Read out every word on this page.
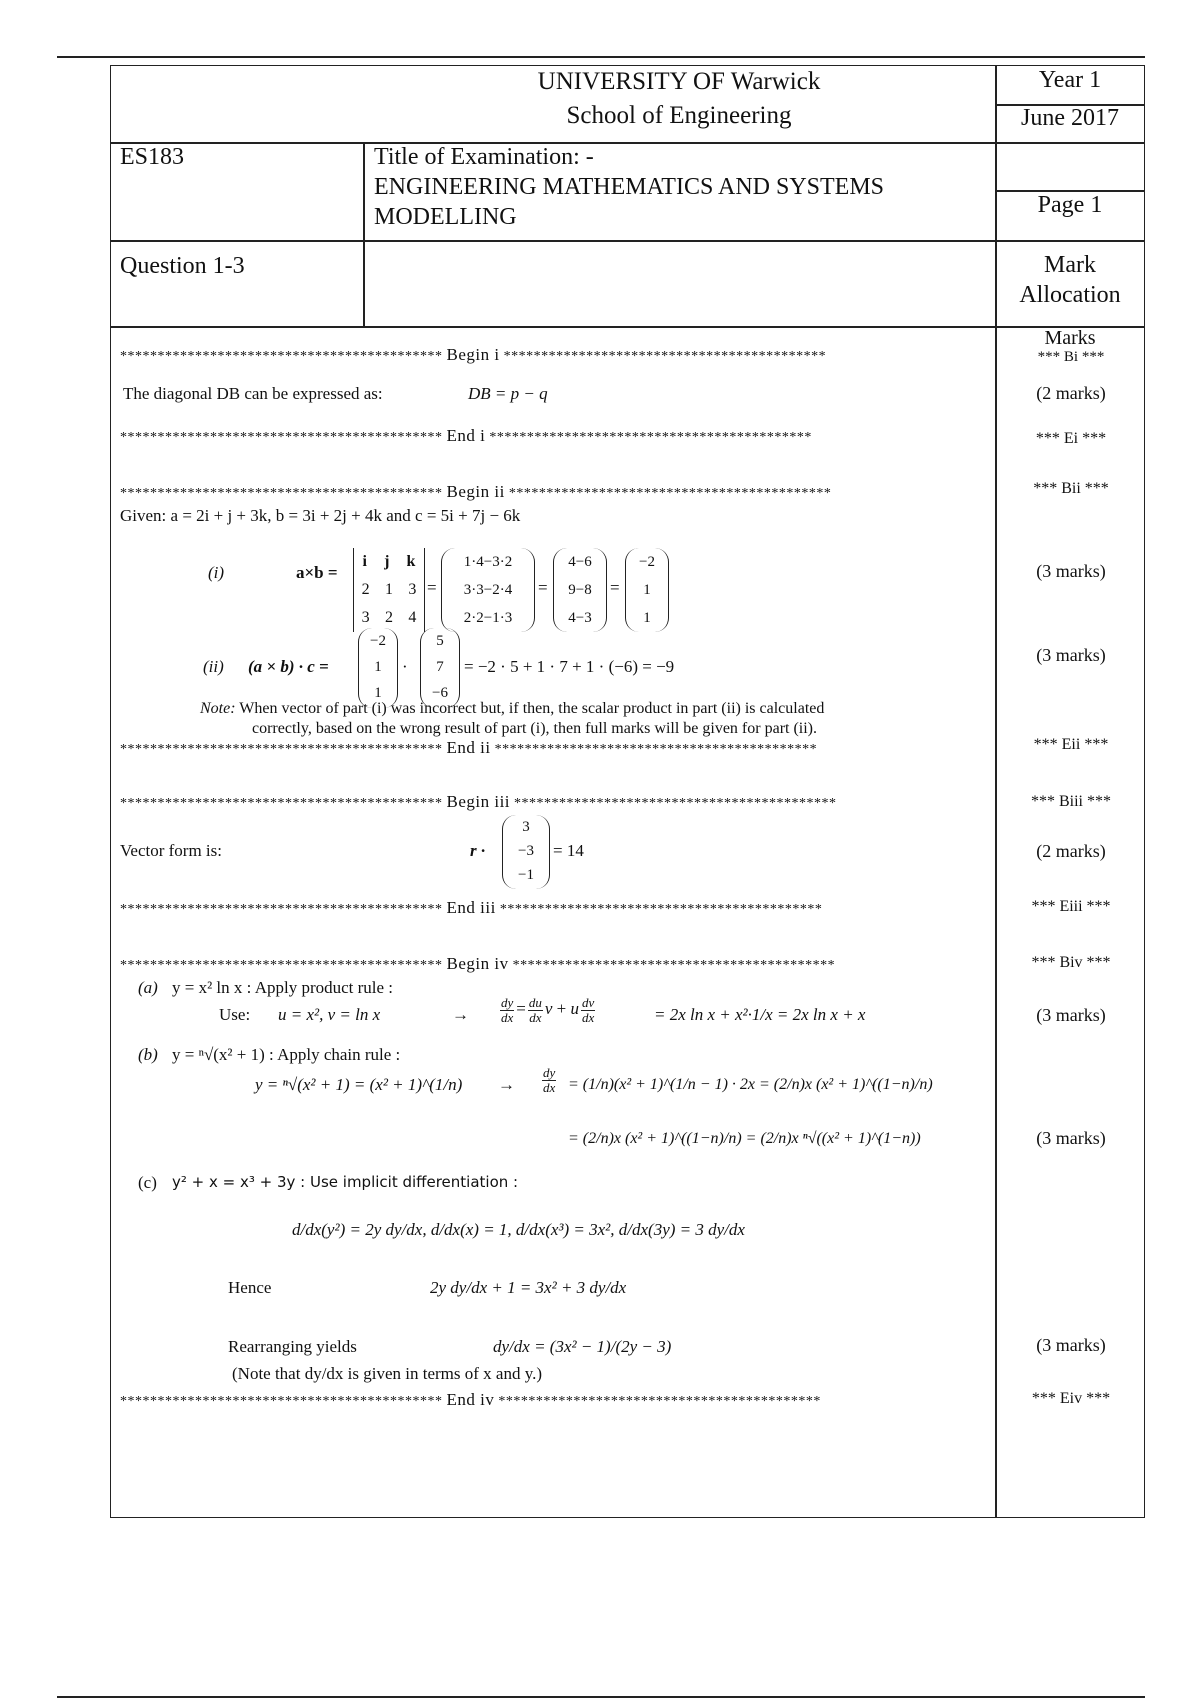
UNIVERSITY OF Warwick
School of Engineering
Year 1
June 2017
ES183	Title of Examination: -
ENGINEERING MATHEMATICS AND SYSTEMS
MODELLING	Page 1
Question 1-3	Mark
Allocation
Marks
******************************************* Begin i *******************************************	*** Bi ***
The diagonal DB can be expressed as:	DB = p − q	(2 marks)
******************************************* End i *******************************************	*** Ei ***
******************************************* Begin ii *******************************************	*** Bii ***
Given: a = 2i + j + 3k, b = 3i + 2j + 4k and c = 5i + 7j − 6k
(i)	a×b =
i j k
2 1 3
3 2 4
=
1·4−3·2
3·3−2·4
2·2−1·3
=
4−6
9−8
4−3
=
−2
1
1
(3 marks)
(ii) (a × b) · c =
−2
1
1
·
5
7
−6
= −2 · 5 + 1 · 7 + 1 · (−6) = −9
(3 marks)
Note: When vector of part (i) was incorrect but, if then, the scalar product in part (ii) is calculated
correctly, based on the wrong result of part (i), then full marks will be given for part (ii).
******************************************* End ii *******************************************	*** Eii ***
******************************************* Begin iii *******************************************	*** Biii ***
Vector form is:	r ·
3
−3
−1
= 14	(2 marks)
******************************************* End iii *******************************************	*** Eiii ***
******************************************* Begin iv *******************************************	*** Biv ***
(a) y = x² ln x : Apply product rule :
Use: u = x², v = ln x	→ $\frac{dy}{dx} = \frac{du}{dx}$ v + u $\frac{dv}{dx}$	= 2x ln x + x²·1/x = 2x ln x + x	(3 marks)
(b) y = ⁿ√(x² + 1) : Apply chain rule :
y = ⁿ√(x² + 1) = (x² + 1)^(1/n) → $\frac{dy}{dx} = (1/n)(x^2$ + 1)^(1/n − 1) · 2x = (2/n)x (x² + 1)^((1−n)/n)
= (2/n)x (x² + 1)^((1−n)/n) = (2/n)x ⁿ√((x² + 1)^(1−n))	(3 marks)
(c) y² + x = x³ + 3y : Use implicit differentiation :
d/dx(y²) = 2y dy/dx, d/dx(x) = 1, d/dx(x³) = 3x², d/dx(3y) = 3 dy/dx
Hence	2y dy/dx + 1 = 3x² + 3 dy/dx
Rearranging yields	dy/dx = (3x² − 1)/(2y − 3)	(3 marks)
(Note that dy/dx is given in terms of x and y.)
******************************************* End iv *******************************************	*** Eiv ***
